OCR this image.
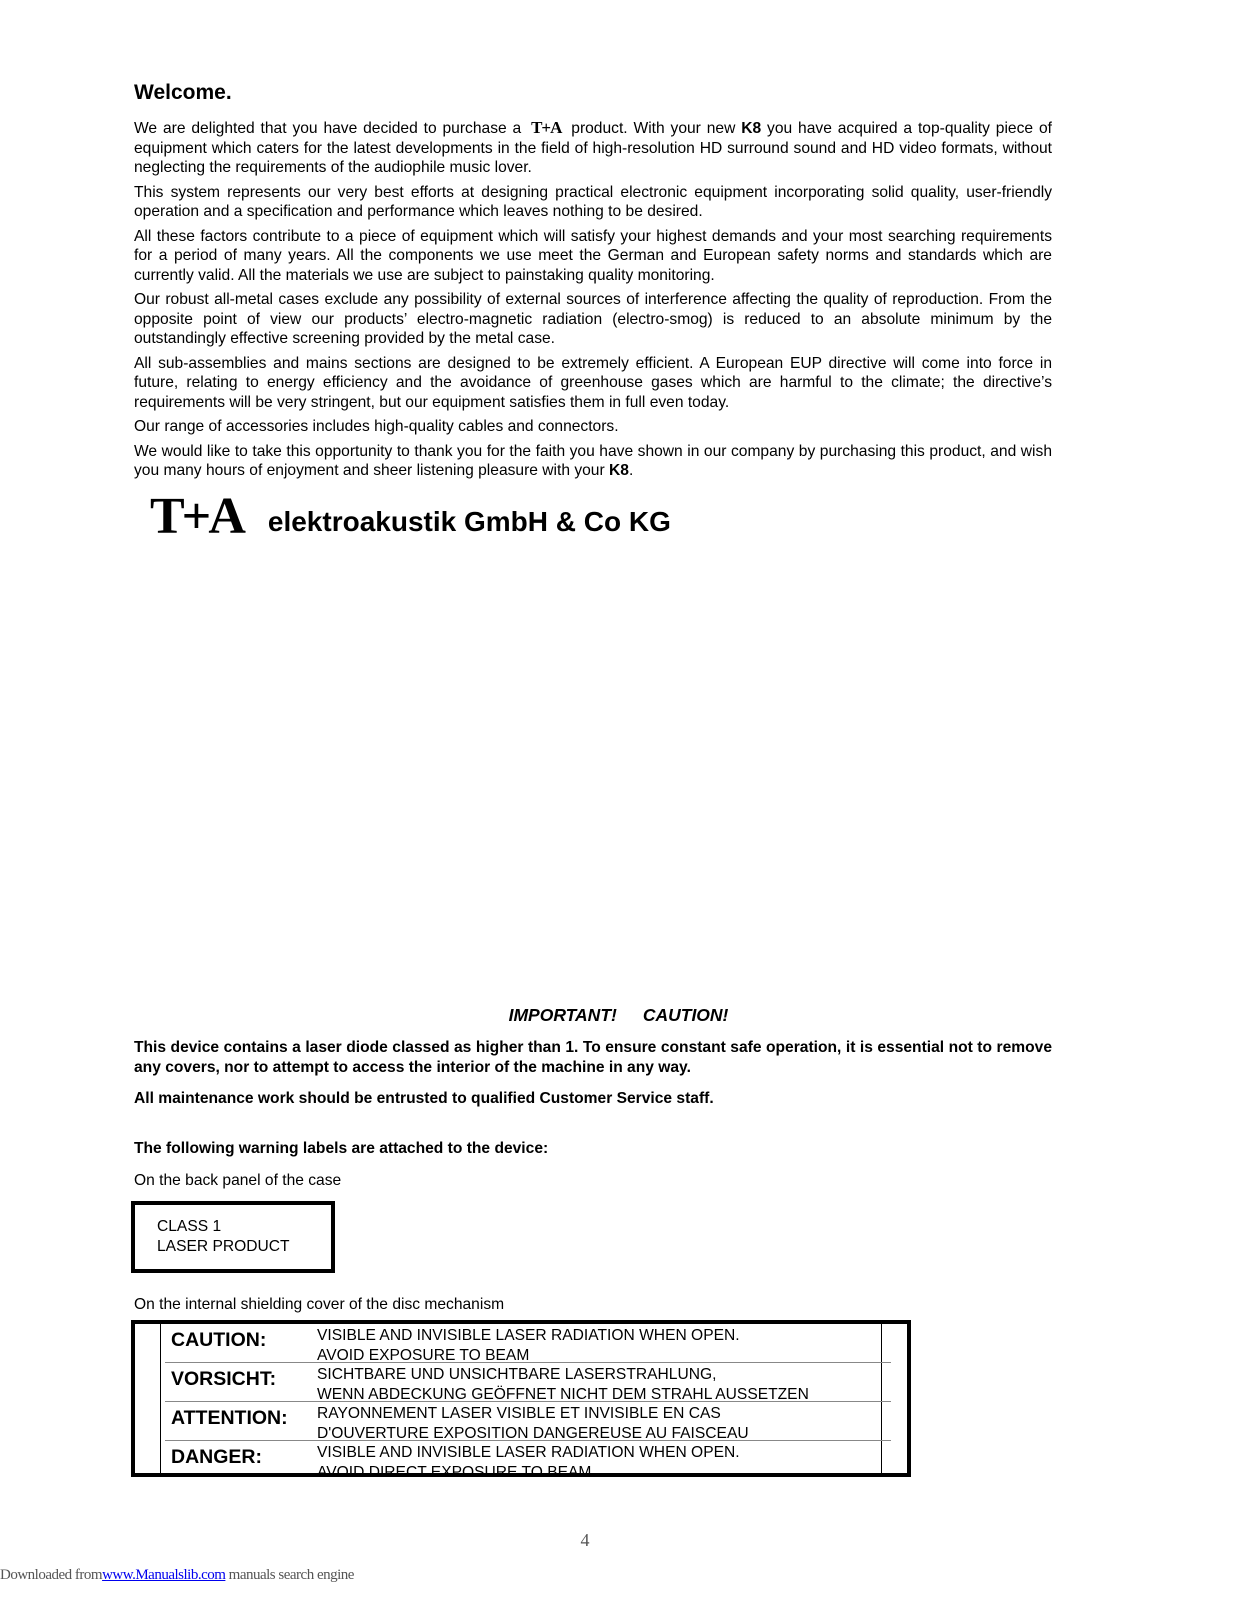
Welcome.

We are delighted that you have decided to purchase a T+A product. With your new K8 you have acquired a top-quality piece of equipment which caters for the latest developments in the field of high-resolution HD surround sound and HD video formats, without neglecting the requirements of the audiophile music lover.

This system represents our very best efforts at designing practical electronic equipment incorporating solid quality, user-friendly operation and a specification and performance which leaves nothing to be desired.

All these factors contribute to a piece of equipment which will satisfy your highest demands and your most searching requirements for a period of many years. All the components we use meet the German and European safety norms and standards which are currently valid. All the materials we use are subject to painstaking quality monitoring.

Our robust all-metal cases exclude any possibility of external sources of interference affecting the quality of reproduction. From the opposite point of view our products’ electro-magnetic radiation (electro-smog) is reduced to an absolute minimum by the outstandingly effective screening provided by the metal case.

All sub-assemblies and mains sections are designed to be extremely efficient. A European EUP directive will come into force in future, relating to energy efficiency and the avoidance of greenhouse gases which are harmful to the climate; the directive’s requirements will be very stringent, but our equipment satisfies them in full even today.

Our range of accessories includes high-quality cables and connectors.

We would like to take this opportunity to thank you for the faith you have shown in our company by purchasing this product, and wish you many hours of enjoyment and sheer listening pleasure with your K8.

T+A elektroakustik GmbH & Co KG
IMPORTANT! CAUTION!

This device contains a laser diode classed as higher than 1. To ensure constant safe operation, it is essential not to remove any covers, nor to attempt to access the interior of the machine in any way.

All maintenance work should be entrusted to qualified Customer Service staff.

The following warning labels are attached to the device:

On the back panel of the case

CLASS 1
LASER PRODUCT

On the internal shielding cover of the disc mechanism

CAUTION:	VISIBLE AND INVISIBLE LASER RADIATION WHEN OPEN.
AVOID EXPOSURE TO BEAM
VORSICHT:	SICHTBARE UND UNSICHTBARE LASERSTRAHLUNG,
WENN ABDECKUNG GEÖFFNET NICHT DEM STRAHL AUSSETZEN
ATTENTION: RAYONNEMENT LASER VISIBLE ET INVISIBLE EN CAS
D'OUVERTURE EXPOSITION DANGEREUSE AU FAISCEAU
DANGER:	VISIBLE AND INVISIBLE LASER RADIATION WHEN OPEN.
AVOID DIRECT EXPOSURE TO BEAM
4
Downloaded fromwww.Manualslib.com manuals search engine
